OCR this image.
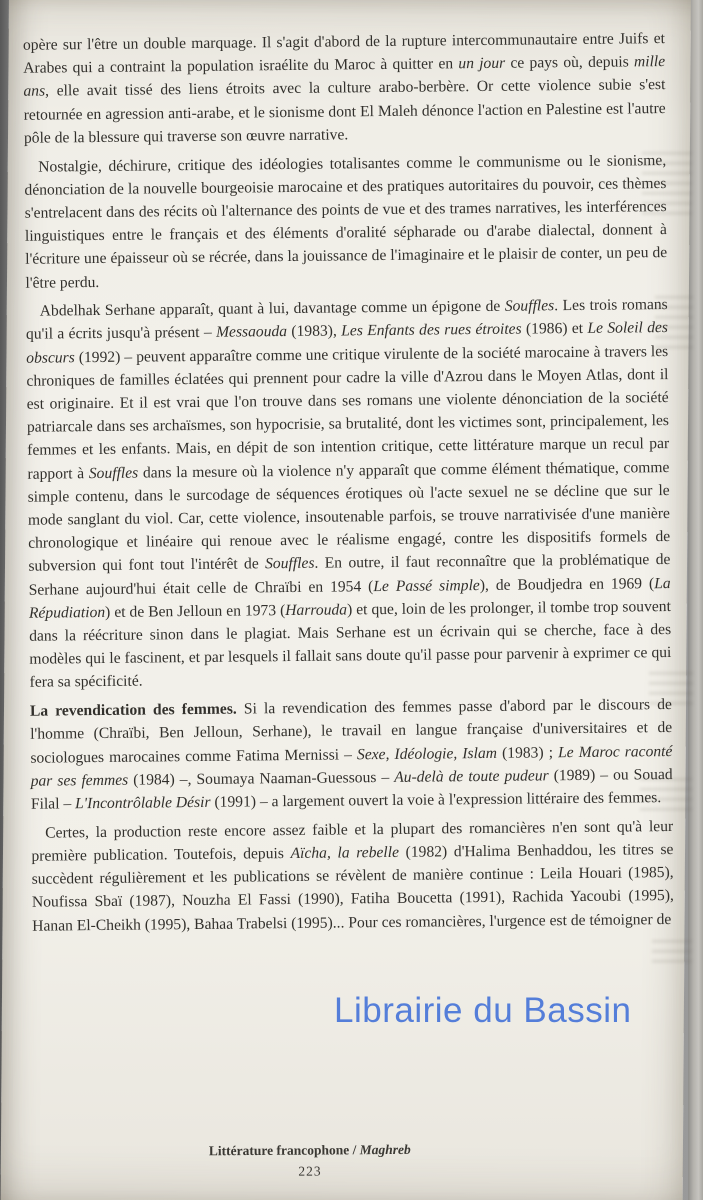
opère sur l'être un double marquage. Il s'agit d'abord de la rupture intercommunautaire entre Juifs et Arabes qui a contraint la population israélite du Maroc à quitter en un jour ce pays où, depuis mille ans, elle avait tissé des liens étroits avec la culture arabo-berbère. Or cette violence subie s'est retournée en agression anti-arabe, et le sionisme dont El Maleh dénonce l'action en Palestine est l'autre pôle de la blessure qui traverse son œuvre narrative.

Nostalgie, déchirure, critique des idéologies totalisantes comme le communisme ou le sionisme, dénonciation de la nouvelle bourgeoisie marocaine et des pratiques autoritaires du pouvoir, ces thèmes s'entrelacent dans des récits où l'alternance des points de vue et des trames narratives, les interférences linguistiques entre le français et des éléments d'oralité sépharade ou d'arabe dialectal, donnent à l'écriture une épaisseur où se récrée, dans la jouissance de l'imaginaire et le plaisir de conter, un peu de l'être perdu.

Abdelhak Serhane apparaît, quant à lui, davantage comme un épigone de Souffles. Les trois romans qu'il a écrits jusqu'à présent – Messaouda (1983), Les Enfants des rues étroites (1986) et Le Soleil des obscurs (1992) – peuvent apparaître comme une critique virulente de la société marocaine à travers les chroniques de familles éclatées qui prennent pour cadre la ville d'Azrou dans le Moyen Atlas, dont il est originaire. Et il est vrai que l'on trouve dans ses romans une violente dénonciation de la société patriarcale dans ses archaïsmes, son hypocrisie, sa brutalité, dont les victimes sont, principalement, les femmes et les enfants. Mais, en dépit de son intention critique, cette littérature marque un recul par rapport à Souffles dans la mesure où la violence n'y apparaît que comme élément thématique, comme simple contenu, dans le surcodage de séquences érotiques où l'acte sexuel ne se décline que sur le mode sanglant du viol. Car, cette violence, insoutenable parfois, se trouve narrativisée d'une manière chronologique et linéaire qui renoue avec le réalisme engagé, contre les dispositifs formels de subversion qui font tout l'intérêt de Souffles. En outre, il faut reconnaître que la problématique de Serhane aujourd'hui était celle de Chraïbi en 1954 (Le Passé simple), de Boudjedra en 1969 (La Répudiation) et de Ben Jelloun en 1973 (Harrouda) et que, loin de les prolonger, il tombe trop souvent dans la réécriture sinon dans le plagiat. Mais Serhane est un écrivain qui se cherche, face à des modèles qui le fascinent, et par lesquels il fallait sans doute qu'il passe pour parvenir à exprimer ce qui fera sa spécificité.

La revendication des femmes. Si la revendication des femmes passe d'abord par le discours de l'homme (Chraïbi, Ben Jelloun, Serhane), le travail en langue française d'universitaires et de sociologues marocaines comme Fatima Mernissi – Sexe, Idéologie, Islam (1983) ; Le Maroc raconté par ses femmes (1984) –, Soumaya Naaman-Guessous – Au-delà de toute pudeur (1989) – ou Souad Filal – L'Incontrôlable Désir (1991) – a largement ouvert la voie à l'expression littéraire des femmes.

Certes, la production reste encore assez faible et la plupart des romancières n'en sont qu'à leur première publication. Toutefois, depuis Aïcha, la rebelle (1982) d'Halima Benhaddou, les titres se succèdent régulièrement et les publications se révèlent de manière continue : Leila Houari (1985), Noufissa Sbaï (1987), Nouzha El Fassi (1990), Fatiha Boucetta (1991), Rachida Yacoubi (1995), Hanan El-Cheikh (1995), Bahaa Trabelsi (1995)... Pour ces romancières, l'urgence est de témoigner de

Littérature francophone / Maghreb
223
Librairie du Bassin
